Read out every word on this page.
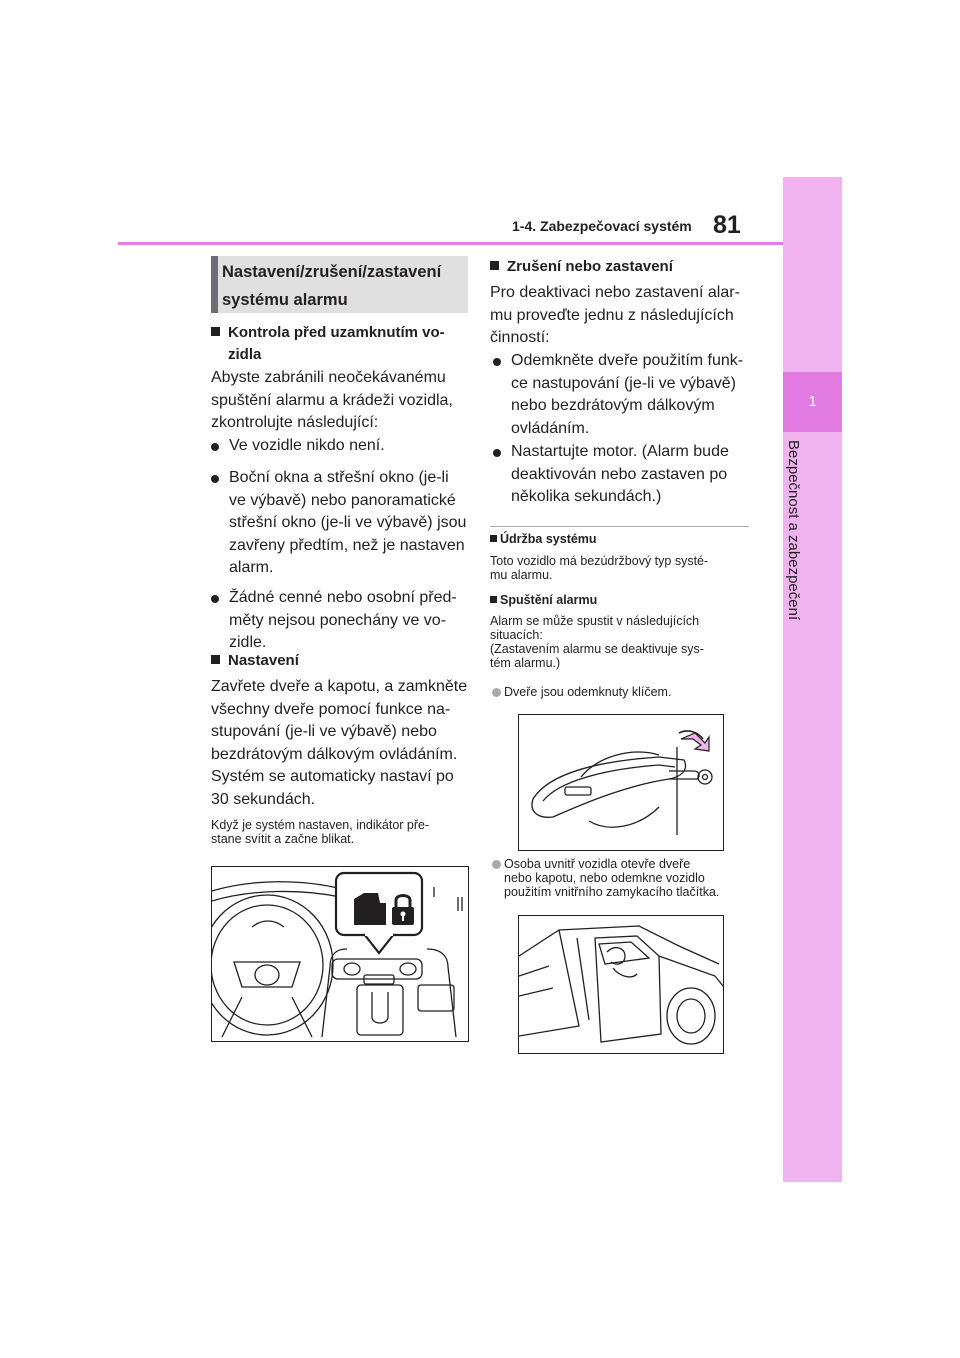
1
Bezpečnost a zabezpečení
1-4. Zabezpečovací systém 81
Nastavení/zrušení/zastavení
systému alarmu
Kontrola před uzamknutím vo-
zidla
Abyste zabránili neočekávanému
spuštění alarmu a krádeži vozidla,
zkontrolujte následující:
Ve vozidle nikdo není.
Boční okna a střešní okno (je-li
ve výbavě) nebo panoramatické
střešní okno (je-li ve výbavě) jsou
zavřeny předtím, než je nastaven
alarm.
Žádné cenné nebo osobní před-
měty nejsou ponechány ve vo-
zidle.
Nastavení
Zavřete dveře a kapotu, a zamkněte
všechny dveře pomocí funkce na-
stupování (je-li ve výbavě) nebo
bezdrátovým dálkovým ovládáním.
Systém se automaticky nastaví po
30 sekundách.
Když je systém nastaven, indikátor pře-
stane svítit a začne blikat.
Zrušení nebo zastavení
Pro deaktivaci nebo zastavení alar-
mu proveďte jednu z následujících
činností:
Odemkněte dveře použitím funk-
ce nastupování (je-li ve výbavě)
nebo bezdrátovým dálkovým
ovládáním.
Nastartujte motor. (Alarm bude
deaktivován nebo zastaven po
několika sekundách.)
Údržba systému
Toto vozidlo má bezúdržbový typ systé-
mu alarmu.
Spuštění alarmu
Alarm se může spustit v následujících
situacích:
(Zastavením alarmu se deaktivuje sys-
tém alarmu.)
Dveře jsou odemknuty klíčem.
Osoba uvnitř vozidla otevře dveře
nebo kapotu, nebo odemkne vozidlo
použitím vnitřního zamykacího tlačítka.
